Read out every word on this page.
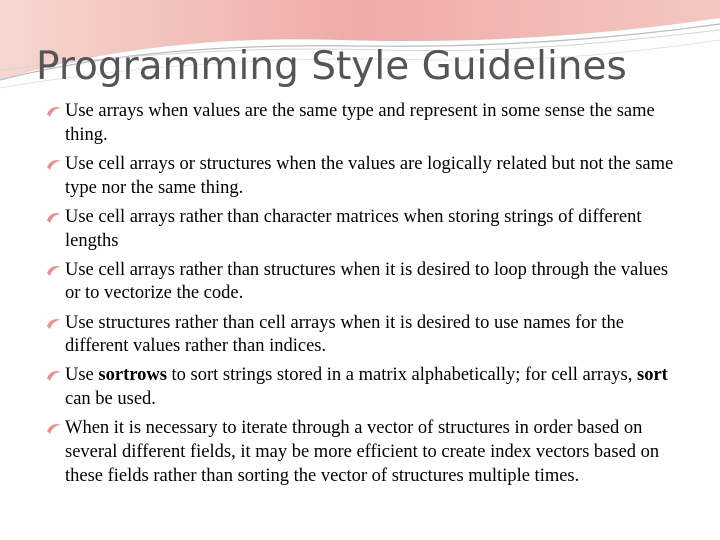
Programming Style Guidelines
Use arrays when values are the same type and represent in some sense the same thing.
Use cell arrays or structures when the values are logically related but not the same type nor the same thing.
Use cell arrays rather than character matrices when storing strings of different lengths
Use cell arrays rather than structures when it is desired to loop through the values or to vectorize the code.
Use structures rather than cell arrays when it is desired to use names for the different values rather than indices.
Use sortrows to sort strings stored in a matrix alphabetically; for cell arrays, sort can be used.
When it is necessary to iterate through a vector of structures in order based on several different fields, it may be more efficient to create index vectors based on these fields rather than sorting the vector of structures multiple times.
